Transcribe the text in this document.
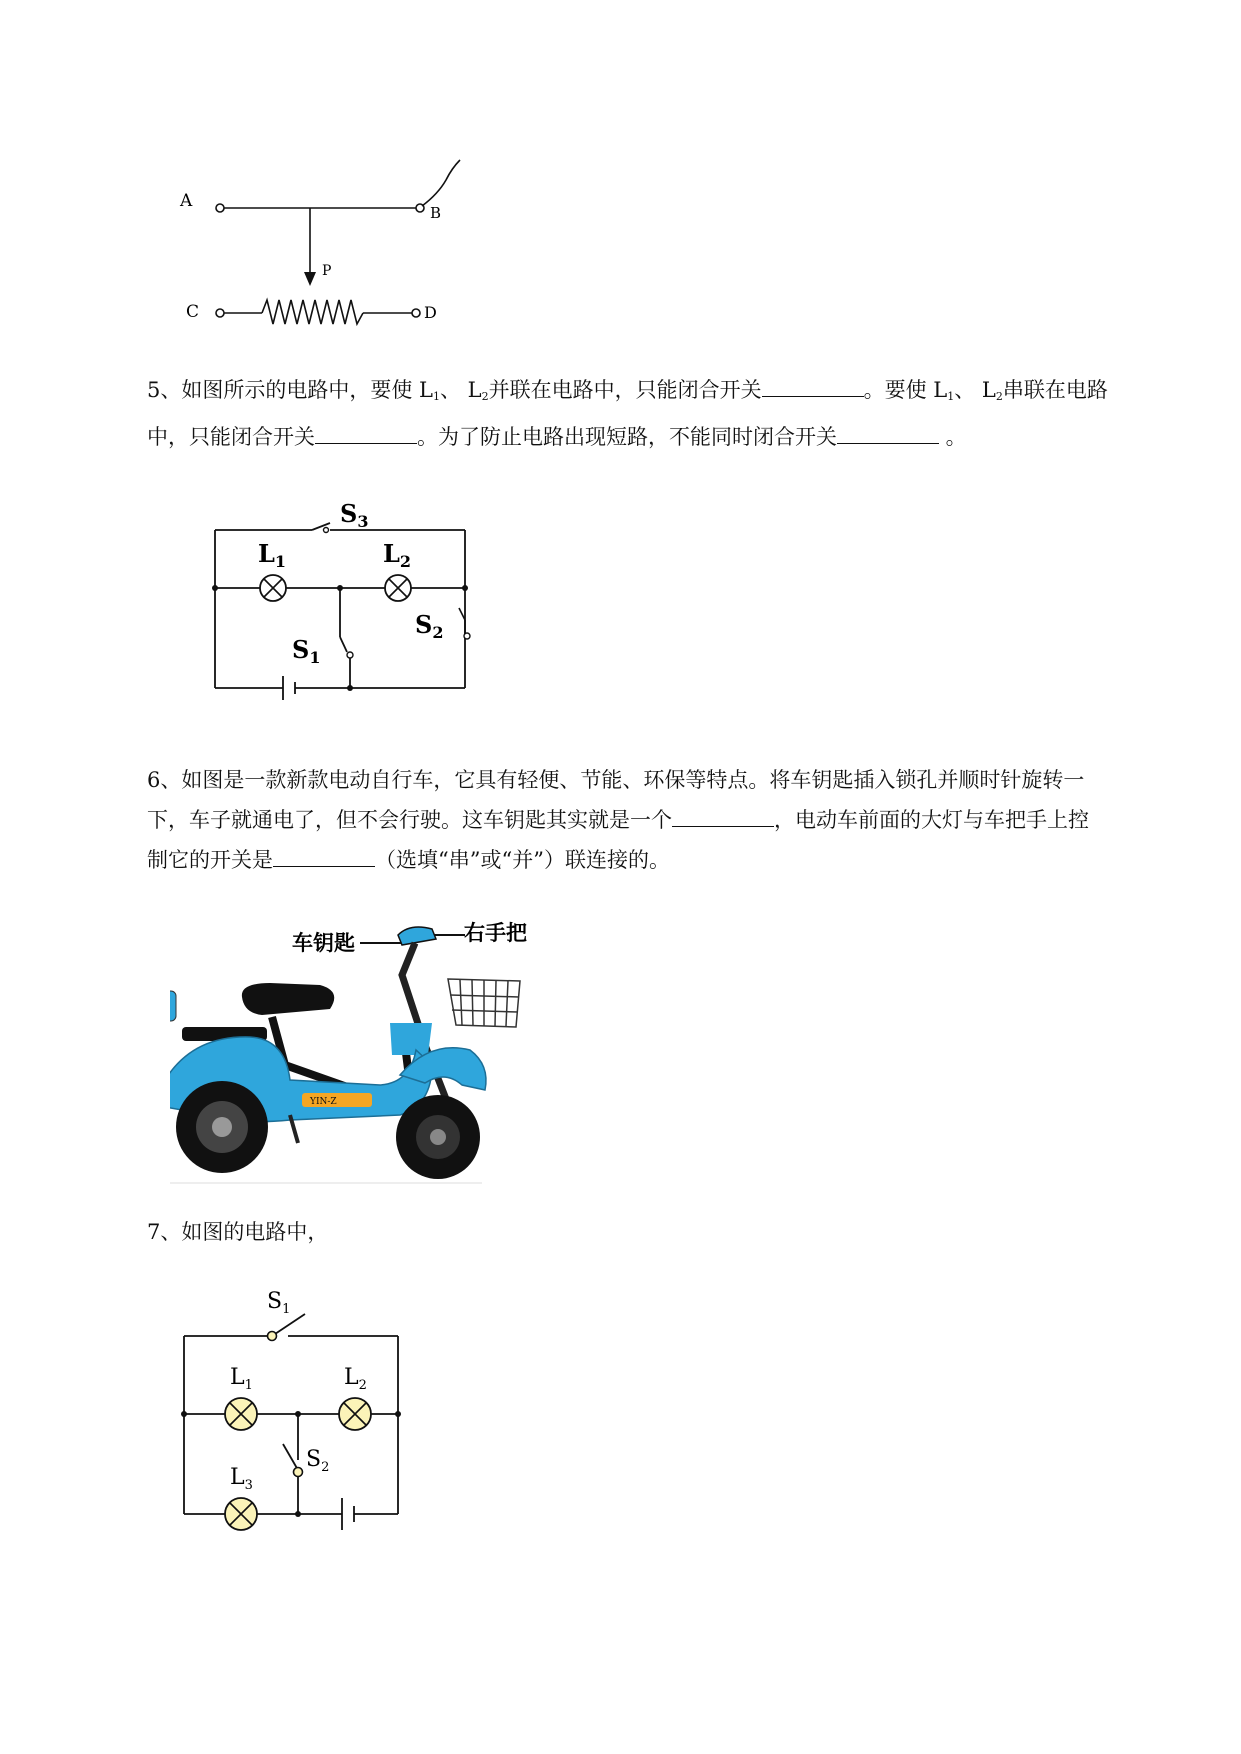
A
B
P
C	D
5、如图所示的电路中，要使 $L_1$、 $L_2$并联在电路中，只能闭合开关	。要使 $L_1$、 $L_2$串联在电路
中，只能闭合开关	。为了防止电路出现短路，不能同时闭合开关	。
$S_3$
$L_1$	$L_2$
$S_1$
$S_2$
6、如图是一款新款电动自行车，它具有轻便、节能、环保等特点。将车钥匙插入锁孔并顺时针旋转一
下，车子就通电了，但不会行驶。这车钥匙其实就是一个	，电动车前面的大灯与车把手上控
制它的开关是	（选填“串”或“并”）联连接的。
车钥匙	右手把
YIN-Z
7、如图的电路中，
$S_1$
$L_1$	$L_2$
$L_3$
$S_2$
